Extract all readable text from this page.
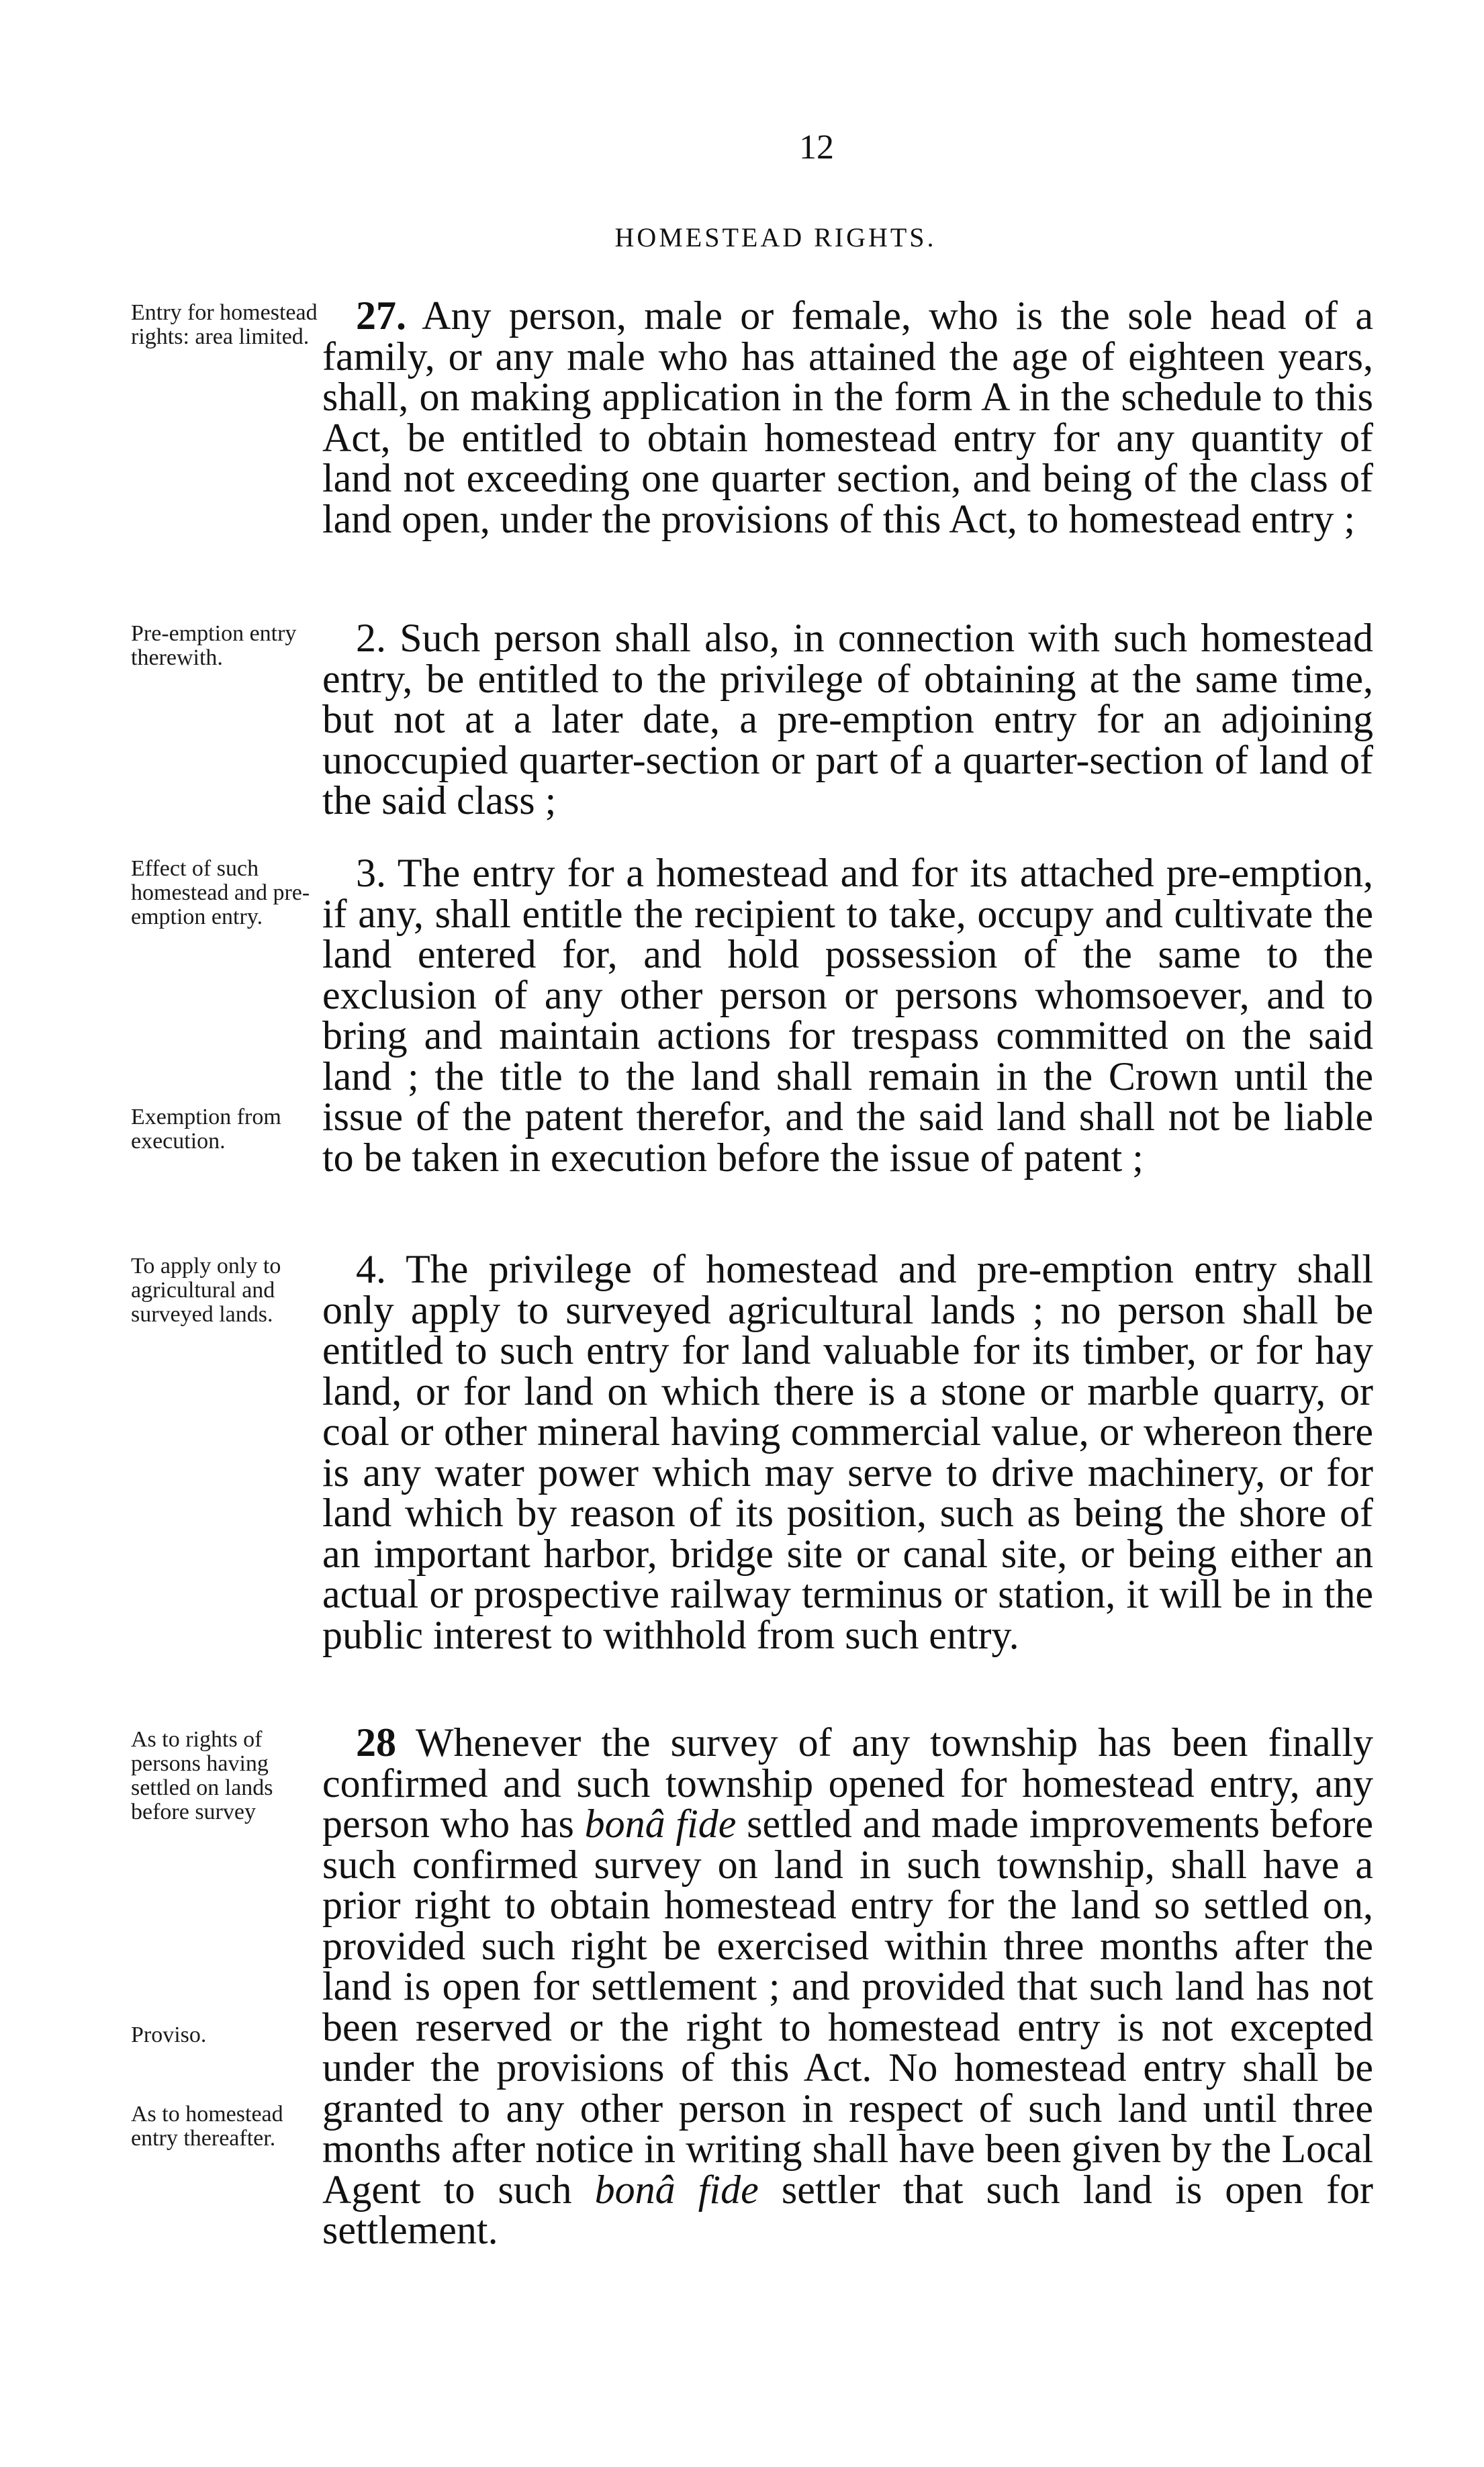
12
HOMESTEAD RIGHTS.

Entry for homestead rights: area limited.	27. Any person, male or female, who is the sole head of a family, or any male who has attained the age of eighteen years, shall, on making application in the form A in the schedule to this Act, be entitled to obtain homestead entry for any quantity of land not exceeding one quarter section, and being of the class of land open, under the provisions of this Act, to homestead entry ;

Pre-emption entry therewith.	2. Such person shall also, in connection with such homestead entry, be entitled to the privilege of obtaining at the same time, but not at a later date, a pre-emption entry for an adjoining unoccupied quarter-section or part of a quarter-section of land of the said class ;

Effect of such homestead and pre-emption entry.

Exemption from execution.

3. The entry for a homestead and for its attached pre-emption, if any, shall entitle the recipient to take, occupy and cultivate the land entered for, and hold possession of the same to the exclusion of any other person or persons whomsoever, and to bring and maintain actions for trespass committed on the said land ; the title to the land shall remain in the Crown until the issue of the patent therefor, and the said land shall not be liable to be taken in execution before the issue of patent ;

To apply only to agricultural and surveyed lands.

4. The privilege of homestead and pre-emption entry shall only apply to surveyed agricultural lands ; no person shall be entitled to such entry for land valuable for its timber, or for hay land, or for land on which there is a stone or marble quarry, or coal or other mineral having commercial value, or whereon there is any water power which may serve to drive machinery, or for land which by reason of its position, such as being the shore of an important harbor, bridge site or canal site, or being either an actual or prospective railway terminus or station, it will be in the public interest to withhold from such entry.

As to rights of persons having settled on lands before survey

Proviso.

As to homestead entry thereafter.

28 Whenever the survey of any township has been finally confirmed and such township opened for homestead entry, any person who has bonâ fide settled and made improvements before such confirmed survey on land in such township, shall have a prior right to obtain homestead entry for the land so settled on, provided such right be exercised within three months after the land is open for settlement ; and provided that such land has not been reserved or the right to homestead entry is not excepted under the provisions of this Act. No homestead entry shall be granted to any other person in respect of such land until three months after notice in writing shall have been given by the Local Agent to such bonâ fide settler that such land is open for settlement.
